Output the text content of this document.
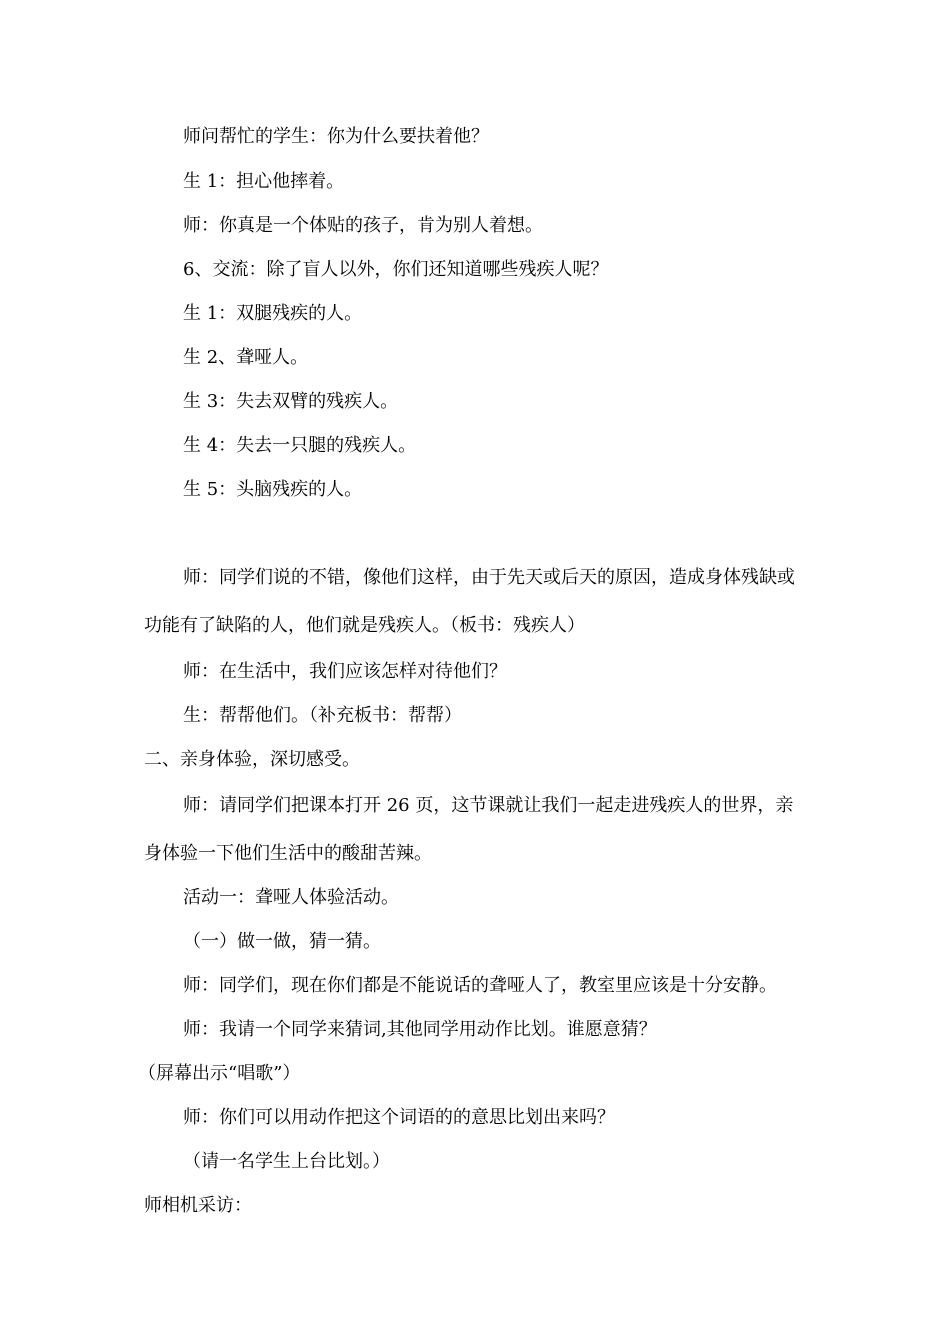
师问帮忙的学生：你为什么要扶着他？

生 1：担心他摔着。

师：你真是一个体贴的孩子，肯为别人着想。

6、交流：除了盲人以外，你们还知道哪些残疾人呢？

生 1：双腿残疾的人。

生 2、聋哑人。

生 3：失去双臂的残疾人。

生 4：失去一只腿的残疾人。

生 5：头脑残疾的人。

师：同学们说的不错，像他们这样，由于先天或后天的原因，造成身体残缺或

功能有了缺陷的人，他们就是残疾人。（板书：残疾人）

师：在生活中，我们应该怎样对待他们？

生：帮帮他们。（补充板书：帮帮）

二、亲身体验，深切感受。

师：请同学们把课本打开 26 页，这节课就让我们一起走进残疾人的世界，亲

身体验一下他们生活中的酸甜苦辣。

活动一：聋哑人体验活动。

（一）做一做，猜一猜。

师：同学们，现在你们都是不能说话的聋哑人了，教室里应该是十分安静。

师：我请一个同学来猜词,其他同学用动作比划。谁愿意猜？

（屏幕出示“唱歌”）

师：你们可以用动作把这个词语的的意思比划出来吗？

（请一名学生上台比划。）

师相机采访：
